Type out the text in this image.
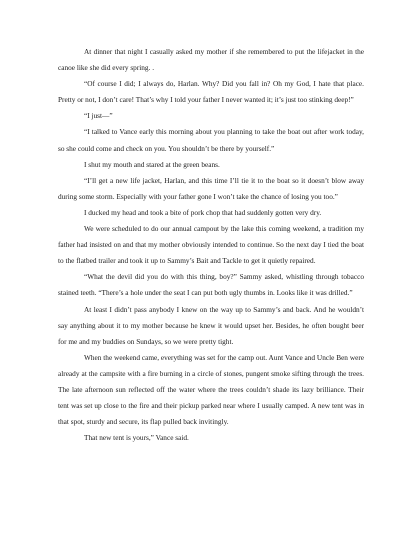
At dinner that night I casually asked my mother if she remembered to put the lifejacket in the canoe like she did every spring. .

“Of course I did; I always do, Harlan. Why? Did you fall in? Oh my God, I hate that place. Pretty or not, I don’t care! That’s why I told your father I never wanted it; it’s just too stinking deep!”

“I just—”

“I talked to Vance early this morning about you planning to take the boat out after work today, so she could come and check on you. You shouldn’t be there by yourself.”

I shut my mouth and stared at the green beans.

“I’ll get a new life jacket, Harlan, and this time I’ll tie it to the boat so it doesn’t blow away during some storm. Especially with your father gone I won’t take the chance of losing you too.”

I ducked my head and took a bite of pork chop that had suddenly gotten very dry.

We were scheduled to do our annual campout by the lake this coming weekend, a tradition my father had insisted on and that my mother obviously intended to continue. So the next day I tied the boat to the flatbed trailer and took it up to Sammy’s Bait and Tackle to get it quietly repaired.

“What the devil did you do with this thing, boy?” Sammy asked, whistling through tobacco stained teeth. “There’s a hole under the seat I can put both ugly thumbs in. Looks like it was drilled.”

At least I didn’t pass anybody I knew on the way up to Sammy’s and back. And he wouldn’t say anything about it to my mother because he knew it would upset her. Besides, he often bought beer for me and my buddies on Sundays, so we were pretty tight.

When the weekend came, everything was set for the camp out. Aunt Vance and Uncle Ben were already at the campsite with a fire burning in a circle of stones, pungent smoke sifting through the trees. The late afternoon sun reflected off the water where the trees couldn’t shade its lazy brilliance. Their tent was set up close to the fire and their pickup parked near where I usually camped. A new tent was in that spot, sturdy and secure, its flap pulled back invitingly.

That new tent is yours,” Vance said.
